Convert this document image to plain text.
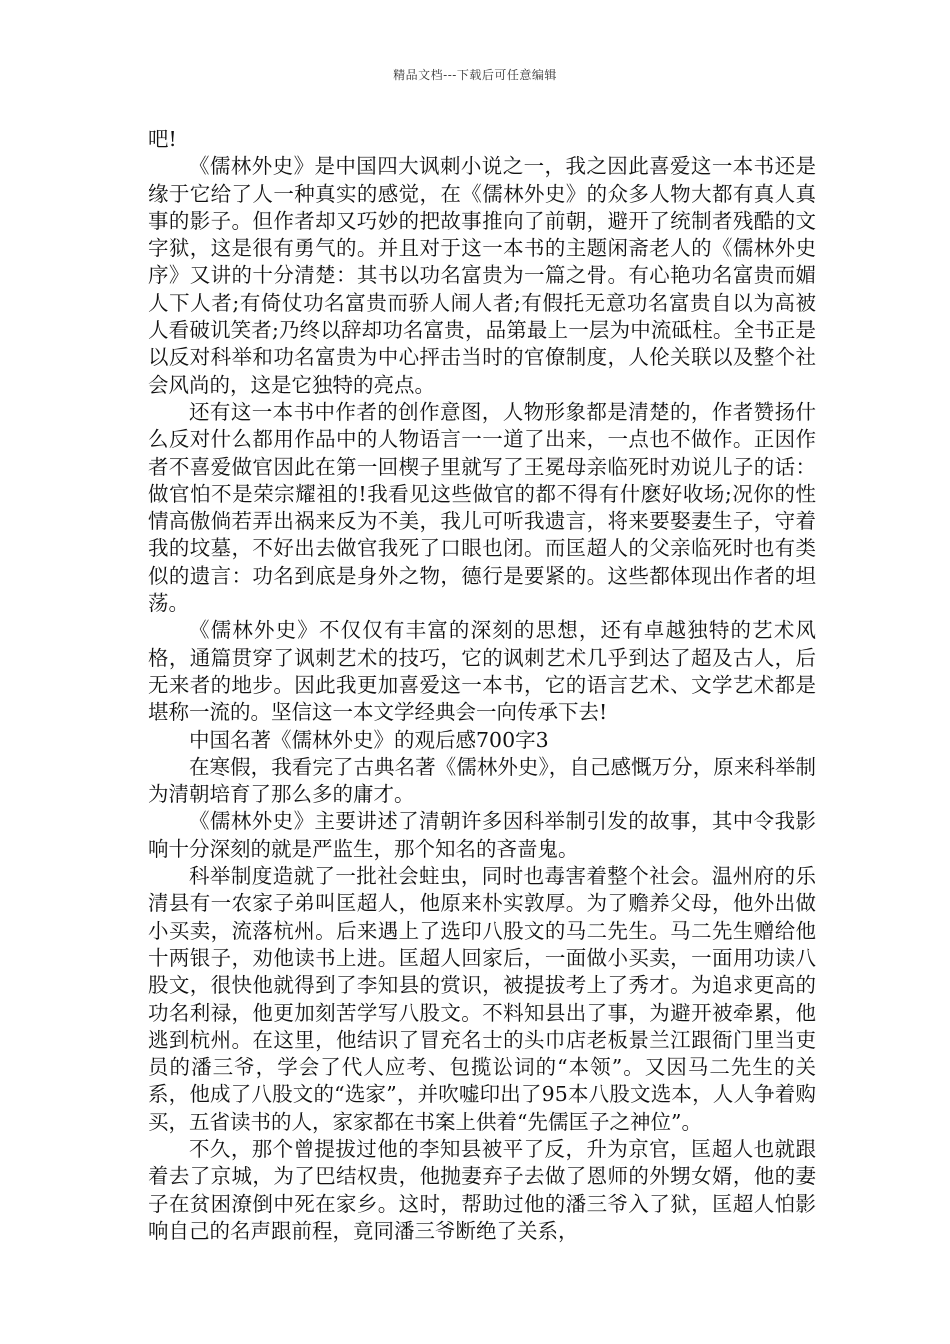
精品文档---下载后可任意编辑

吧!

《儒林外史》是中国四大讽刺小说之一，我之因此喜爱这一本书还是缘于它给了人一种真实的感觉，在《儒林外史》的众多人物大都有真人真事的影子。但作者却又巧妙的把故事推向了前朝，避开了统制者残酷的文字狱，这是很有勇气的。并且对于这一本书的主题闲斋老人的《儒林外史序》又讲的十分清楚：其书以功名富贵为一篇之骨。有心艳功名富贵而媚人下人者;有倚仗功名富贵而骄人闹人者;有假托无意功名富贵自以为高被人看破讥笑者;乃终以辞却功名富贵，品第最上一层为中流砥柱。全书正是以反对科举和功名富贵为中心抨击当时的官僚制度，人伦关联以及整个社会风尚的，这是它独特的亮点。

还有这一本书中作者的创作意图，人物形象都是清楚的，作者赞扬什么反对什么都用作品中的人物语言一一道了出来，一点也不做作。正因作者不喜爱做官因此在第一回楔子里就写了王冕母亲临死时劝说儿子的话：做官怕不是荣宗耀祖的!我看见这些做官的都不得有什麽好收场;况你的性情高傲倘若弄出祸来反为不美，我儿可听我遗言，将来要娶妻生子，守着我的坟墓，不好出去做官我死了口眼也闭。而匡超人的父亲临死时也有类似的遗言：功名到底是身外之物，德行是要紧的。这些都体现出作者的坦荡。

《儒林外史》不仅仅有丰富的深刻的思想，还有卓越独特的艺术风格，通篇贯穿了讽刺艺术的技巧，它的讽刺艺术几乎到达了超及古人，后无来者的地步。因此我更加喜爱这一本书，它的语言艺术、文学艺术都是堪称一流的。坚信这一本文学经典会一向传承下去!

中国名著《儒林外史》的观后感700字3

在寒假，我看完了古典名著《儒林外史》，自己感慨万分，原来科举制为清朝培育了那么多的庸才。

《儒林外史》主要讲述了清朝许多因科举制引发的故事，其中令我影响十分深刻的就是严监生，那个知名的吝啬鬼。

科举制度造就了一批社会蛀虫，同时也毒害着整个社会。温州府的乐清县有一农家子弟叫匡超人，他原来朴实敦厚。为了赡养父母，他外出做小买卖，流落杭州。后来遇上了选印八股文的马二先生。马二先生赠给他十两银子，劝他读书上进。匡超人回家后，一面做小买卖，一面用功读八股文，很快他就得到了李知县的赏识，被提拔考上了秀才。为追求更高的功名利禄，他更加刻苦学写八股文。不料知县出了事，为避开被牵累，他逃到杭州。在这里，他结识了冒充名士的头巾店老板景兰江跟衙门里当吏员的潘三爷，学会了代人应考、包揽讼词的“本领”。又因马二先生的关系，他成了八股文的“选家”，并吹嘘印出了95本八股文选本，人人争着购买，五省读书的人，家家都在书案上供着“先儒匡子之神位”。

不久，那个曾提拔过他的李知县被平了反，升为京官，匡超人也就跟着去了京城，为了巴结权贵，他抛妻弃子去做了恩师的外甥女婿，他的妻子在贫困潦倒中死在家乡。这时，帮助过他的潘三爷入了狱，匡超人怕影响自己的名声跟前程，竟同潘三爷断绝了关系，
